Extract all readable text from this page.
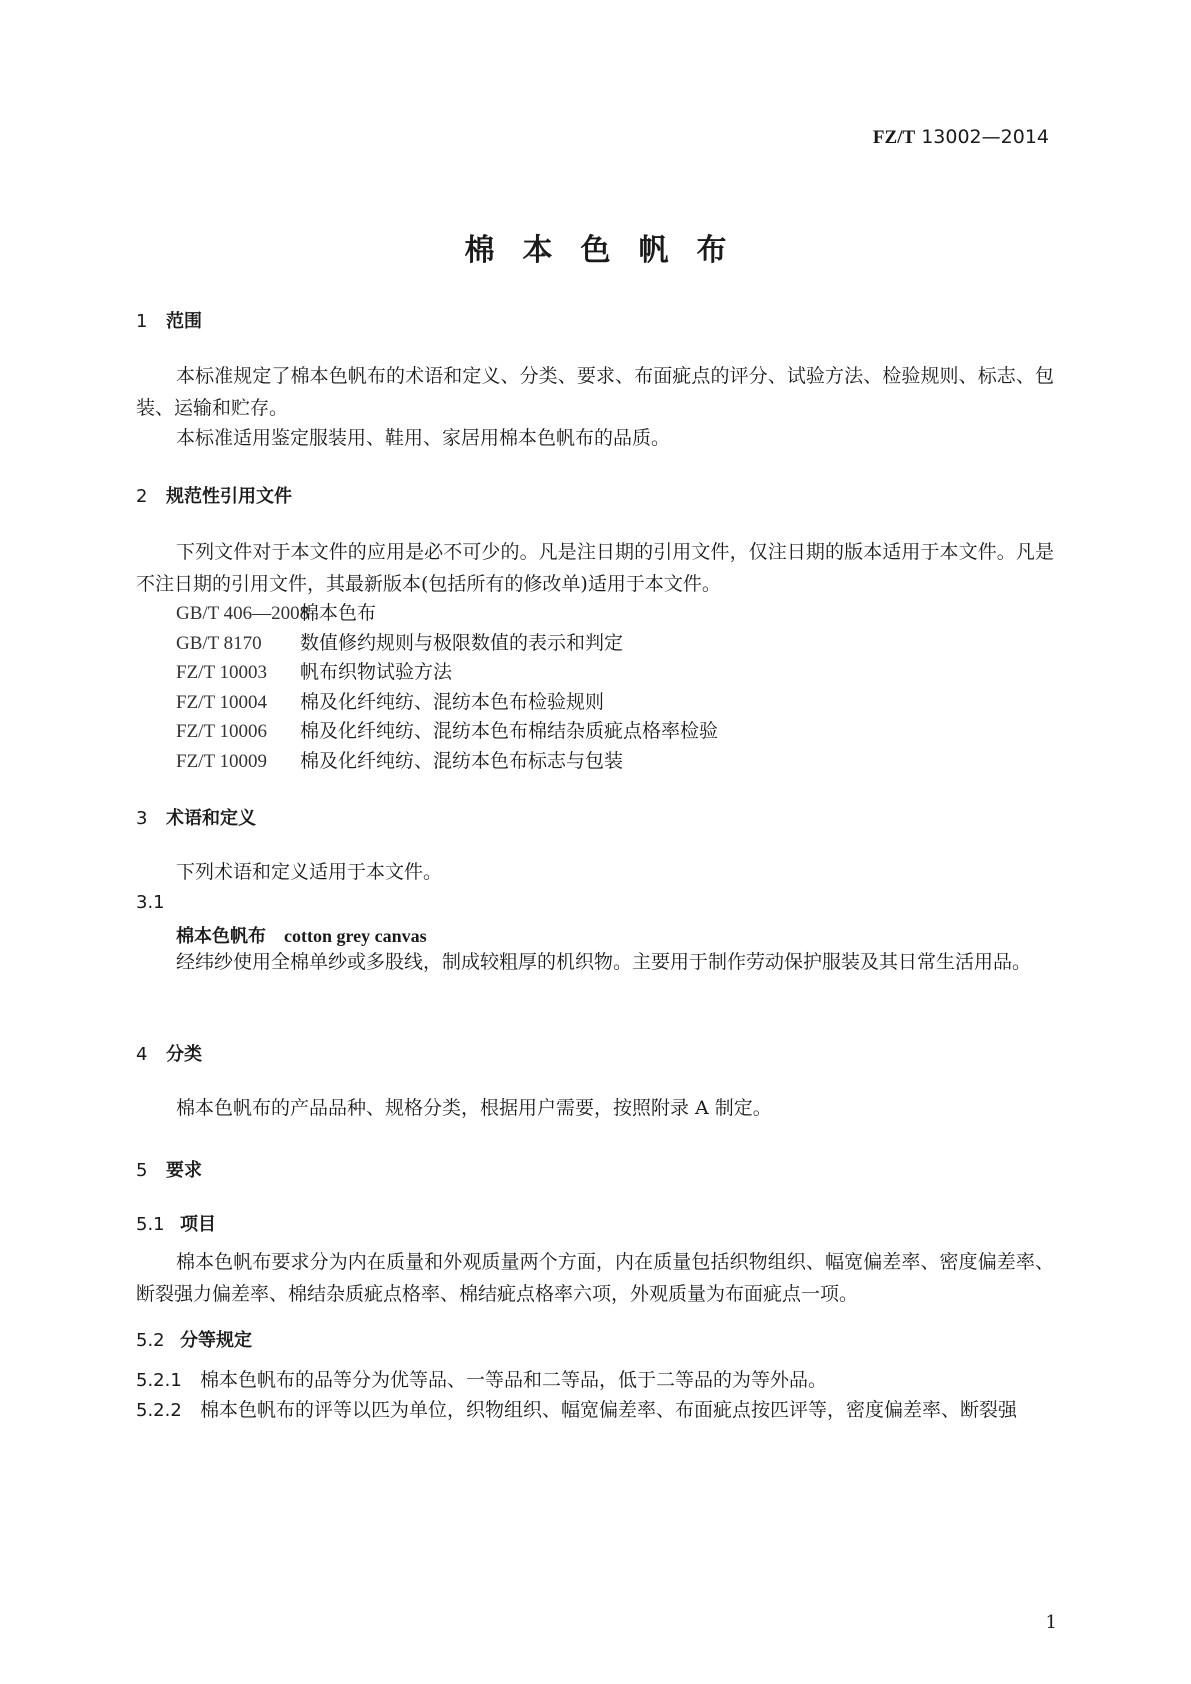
FZ/T 13002—2014
棉本色帆布
1 范围
本标准规定了棉本色帆布的术语和定义、分类、要求、布面疵点的评分、试验方法、检验规则、标志、包装、运输和贮存。
本标准适用鉴定服装用、鞋用、家居用棉本色帆布的品质。
2 规范性引用文件
下列文件对于本文件的应用是必不可少的。凡是注日期的引用文件，仅注日期的版本适用于本文件。凡是不注日期的引用文件，其最新版本(包括所有的修改单)适用于本文件。
GB/T 406—2008棉本色布
GB/T 8170 数值修约规则与极限数值的表示和判定
FZ/T 10003 帆布织物试验方法
FZ/T 10004 棉及化纤纯纺、混纺本色布检验规则
FZ/T 10006 棉及化纤纯纺、混纺本色布棉结杂质疵点格率检验
FZ/T 10009 棉及化纤纯纺、混纺本色布标志与包装
3 术语和定义
下列术语和定义适用于本文件。
3.1
棉本色帆布 cotton grey canvas
经纬纱使用全棉单纱或多股线，制成较粗厚的机织物。主要用于制作劳动保护服装及其日常生活用品。
4 分类
棉本色帆布的产品品种、规格分类，根据用户需要，按照附录 A 制定。
5 要求
5.1 项目
棉本色帆布要求分为内在质量和外观质量两个方面，内在质量包括织物组织、幅宽偏差率、密度偏差率、断裂强力偏差率、棉结杂质疵点格率、棉结疵点格率六项，外观质量为布面疵点一项。
5.2 分等规定
5.2.1 棉本色帆布的品等分为优等品、一等品和二等品，低于二等品的为等外品。
5.2.2 棉本色帆布的评等以匹为单位，织物组织、幅宽偏差率、布面疵点按匹评等，密度偏差率、断裂强
1
